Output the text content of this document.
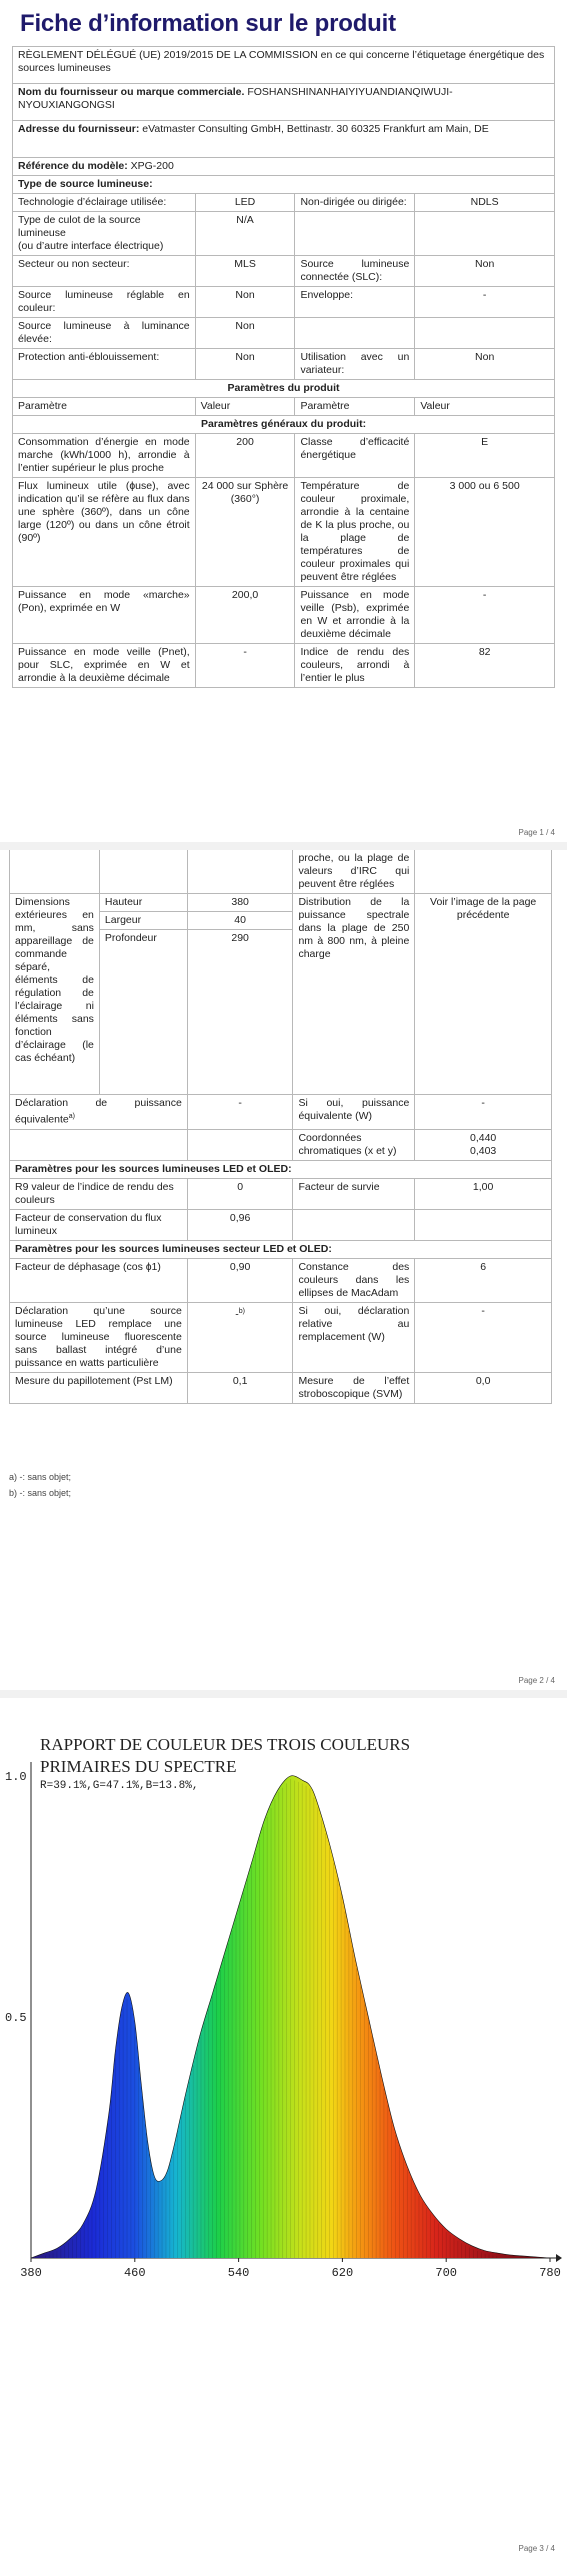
Fiche d’information sur le produit
RÈGLEMENT DÉLÉGUÉ (UE) 2019/2015 DE LA COMMISSION en ce qui concerne l’étiquetage énergétique des sources lumineuses			
Nom du fournisseur ou marque commerciale. FOSHANSHINANHAIYIYUANDIANQIWUJI-NYOUXIANGONGSI			
Adresse du fournisseur: eVatmaster Consulting GmbH, Bettinastr. 30 60325 Frankfurt am Main, DE			
Référence du modèle: XPG-200			
Type de source lumineuse:			
Technologie d’éclairage utilisée:	LED	Non-dirigée ou dirigée:	NDLS

Type de culot de la source lumineuse
(ou d’autre interface électrique)	N/A		
Secteur ou non secteur:	MLS	Source lumineuse connectée (SLC):	Non
Source lumineuse réglable en couleur:	Non	Enveloppe:	-
Source lumineuse à luminance élevée:	Non		
Protection anti-éblouissement:	Non	Utilisation avec un variateur:	Non
Paramètres du produit			
Paramètre	Valeur	Paramètre	Valeur
Paramètres généraux du produit:			
Consommation d’énergie en mode marche (kWh/1000 h), arrondie à l’entier supérieur le plus proche	200	Classe d’efficacité énergétique	E
Flux lumineux utile (ɸuse), avec indication qu’il se réfère au flux dans une sphère (360º), dans un cône large (120º) ou dans un cône étroit (90º)	24 000 sur Sphère (360°)	Température de couleur proximale, arrondie à la centaine de K la plus proche, ou la plage de températures de couleur proximales qui peuvent être réglées	3 000 ou 6 500
Puissance en mode «marche» (Pon), exprimée en W	200,0	Puissance en mode veille (Psb), exprimée en W et arrondie à la deuxième décimale	-
Puissance en mode veille (Pnet), pour SLC, exprimée en W et arrondie à la deuxième décimale	-	Indice de rendu des couleurs, arrondi à l’entier le plus	82
Page 1 / 4
			proche, ou la plage de valeurs d’IRC qui peuvent être réglées	
Dimensions extérieures en mm, sans appareillage de commande séparé, éléments de régulation de l’éclairage ni éléments sans fonction d’éclairage (le cas échéant)	Hauteur	380	Distribution de la puissance spectrale dans la plage de 250 nm à 800 nm, à pleine charge	Voir l’image de la page précédente
	Largeur	40		
	Profondeur	290		
Déclaration de puissance équivalente$^{a)}$		-	Si oui, puissance équivalente (W)	-
			Coordonnées chromatiques (x et y)	0,440
0,403

Paramètres pour les sources lumineuses LED et OLED:				
R9 valeur de l’indice de rendu des couleurs		0	Facteur de survie	1,00
Facteur de conservation du flux lumineux		0,96		
Paramètres pour les sources lumineuses secteur LED et OLED:				
Facteur de déphasage (cos ɸ1)		0,90	Constance des couleurs dans les ellipses de MacAdam	6
Déclaration qu’une source lumineuse LED remplace une source lumineuse fluorescente sans ballast intégré d’une puissance en watts particulière		-$^{b)}$	Si oui, déclaration relative au remplacement (W)	-
Mesure du papillotement (Pst LM)		0,1	Mesure de l’effet stroboscopique (SVM)	0,0
a) -: sans objet;
b) -: sans objet;
Page 2 / 4
RAPPORT DE COULEUR DES TROIS COULEURS
PRIMAIRES DU SPECTRE
R=39.1%,G=47.1%,B=13.8%,
380	460	540	620	700	780
1.0
0.5
Page 3 / 4
